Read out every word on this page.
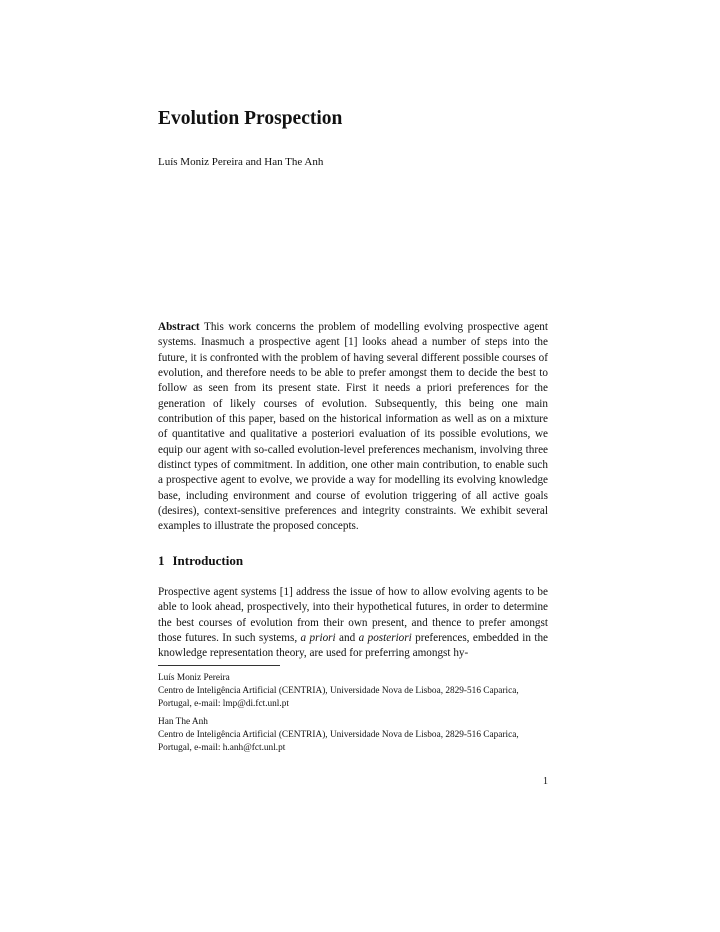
Evolution Prospection
Luís Moniz Pereira and Han The Anh

Abstract This work concerns the problem of modelling evolving prospective agent systems. Inasmuch a prospective agent [1] looks ahead a number of steps into the future, it is confronted with the problem of having several different possible courses of evolution, and therefore needs to be able to prefer amongst them to decide the best to follow as seen from its present state. First it needs a priori preferences for the generation of likely courses of evolution. Subsequently, this being one main contribution of this paper, based on the historical information as well as on a mixture of quantitative and qualitative a posteriori evaluation of its possible evolutions, we equip our agent with so-called evolution-level preferences mechanism, involving three distinct types of commitment. In addition, one other main contribution, to enable such a prospective agent to evolve, we provide a way for modelling its evolving knowledge base, including environment and course of evolution triggering of all active goals (desires), context-sensitive preferences and integrity constraints. We exhibit several examples to illustrate the proposed concepts.

1 Introduction

Prospective agent systems [1] address the issue of how to allow evolving agents to be able to look ahead, prospectively, into their hypothetical futures, in order to determine the best courses of evolution from their own present, and thence to prefer amongst those futures. In such systems, a priori and a posteriori preferences, embedded in the knowledge representation theory, are used for preferring amongst hy-

Luís Moniz Pereira
Centro de Inteligência Artificial (CENTRIA), Universidade Nova de Lisboa, 2829-516 Caparica,
Portugal, e-mail: lmp@di.fct.unl.pt
Han The Anh
Centro de Inteligência Artificial (CENTRIA), Universidade Nova de Lisboa, 2829-516 Caparica,
Portugal, e-mail: h.anh@fct.unl.pt
1
